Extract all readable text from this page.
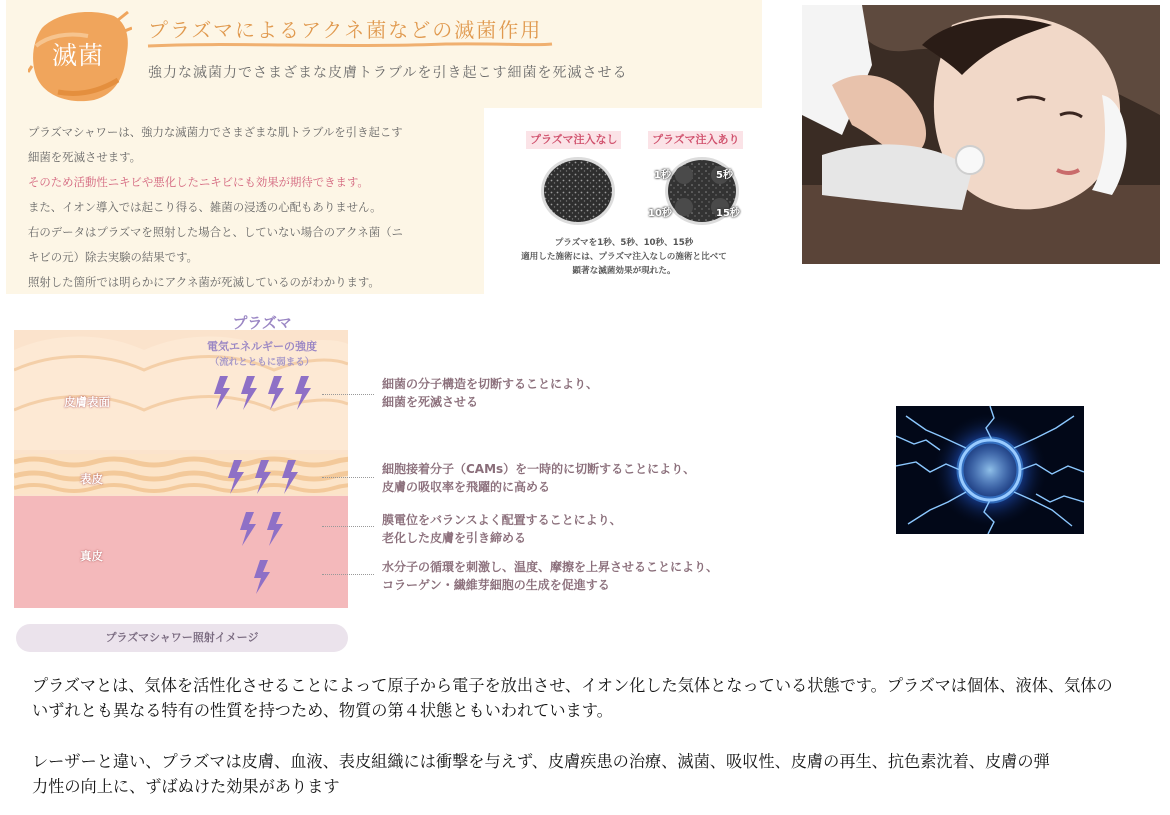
滅菌
プラズマによるアクネ菌などの滅菌作用
強力な滅菌力でさまざまな皮膚トラブルを引き起こす細菌を死滅させる
プラズマシャワーは、強力な滅菌力でさまざまな肌トラブルを引き起こす
細菌を死滅させます。
そのため活動性ニキビや悪化したニキビにも効果が期待できます。
また、イオン導入では起こり得る、雑菌の浸透の心配もありません。
右のデータはプラズマを照射した場合と、していない場合のアクネ菌（ニ
キビの元）除去実験の結果です。
照射した箇所では明らかにアクネ菌が死滅しているのがわかります。
プラズマ注入なし	プラズマ注入あり
1秒	5秒
10秒	15秒
プラズマを1秒、5秒、10秒、15秒
適用した施術には、プラズマ注入なしの施術と比べて
顕著な滅菌効果が現れた。
プラズマ
電気エネルギーの強度
（流れとともに弱まる）
皮膚表面
表皮
真皮
細菌の分子構造を切断することにより、
細菌を死滅させる
細胞接着分子（CAMs）を一時的に切断することにより、
皮膚の吸収率を飛躍的に高める
膜電位をバランスよく配置することにより、
老化した皮膚を引き締める
水分子の循環を刺激し、温度、摩擦を上昇させることにより、
コラーゲン・繊維芽細胞の生成を促進する
プラズマシャワー照射イメージ
プラズマとは、気体を活性化させることによって原子から電子を放出させ、イオン化した気体となっている状態です。プラズマは個体、液体、気体の
いずれとも異なる特有の性質を持つため、物質の第４状態ともいわれています。
レーザーと違い、プラズマは皮膚、血液、表皮組織には衝撃を与えず、皮膚疾患の治療、滅菌、吸収性、皮膚の再生、抗色素沈着、皮膚の弾
力性の向上に、ずばぬけた効果があります
